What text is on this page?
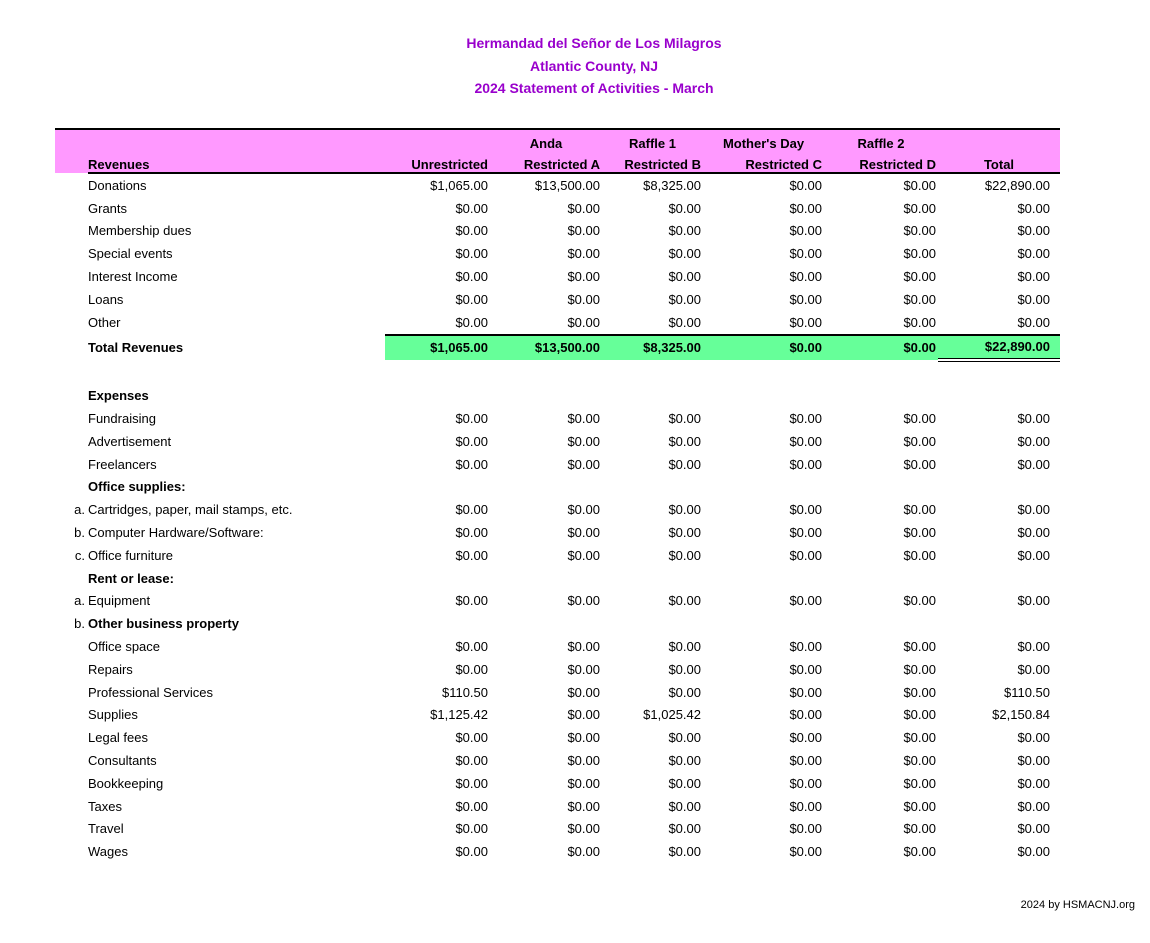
Hermandad del Señor de Los Milagros
Atlantic County, NJ
2024 Statement of Activities - March
			Anda	Raffle 1	Mother's Day	Raffle 2	
	Revenues	Unrestricted	Restricted A	Restricted B	Restricted C	Restricted D	Total
	Donations	$1,065.00	$13,500.00	$8,325.00	$0.00	$0.00	$22,890.00
	Grants	$0.00	$0.00	$0.00	$0.00	$0.00	$0.00
	Membership dues	$0.00	$0.00	$0.00	$0.00	$0.00	$0.00
	Special events	$0.00	$0.00	$0.00	$0.00	$0.00	$0.00
	Interest Income	$0.00	$0.00	$0.00	$0.00	$0.00	$0.00
	Loans	$0.00	$0.00	$0.00	$0.00	$0.00	$0.00
	Other	$0.00	$0.00	$0.00	$0.00	$0.00	$0.00
	Total Revenues	$1,065.00	$13,500.00	$8,325.00	$0.00	$0.00	$22,890.00

	Expenses						
	Fundraising	$0.00	$0.00	$0.00	$0.00	$0.00	$0.00
	Advertisement	$0.00	$0.00	$0.00	$0.00	$0.00	$0.00
	Freelancers	$0.00	$0.00	$0.00	$0.00	$0.00	$0.00
	Office supplies:						
a.	Cartridges, paper, mail stamps, etc.	$0.00	$0.00	$0.00	$0.00	$0.00	$0.00
b.	Computer Hardware/Software:	$0.00	$0.00	$0.00	$0.00	$0.00	$0.00
c.	Office furniture	$0.00	$0.00	$0.00	$0.00	$0.00	$0.00
	Rent or lease:						
a.	Equipment	$0.00	$0.00	$0.00	$0.00	$0.00	$0.00
b.	Other business property						
	Office space	$0.00	$0.00	$0.00	$0.00	$0.00	$0.00
	Repairs	$0.00	$0.00	$0.00	$0.00	$0.00	$0.00
	Professional Services	$110.50	$0.00	$0.00	$0.00	$0.00	$110.50
	Supplies	$1,125.42	$0.00	$1,025.42	$0.00	$0.00	$2,150.84
	Legal fees	$0.00	$0.00	$0.00	$0.00	$0.00	$0.00
	Consultants	$0.00	$0.00	$0.00	$0.00	$0.00	$0.00
	Bookkeeping	$0.00	$0.00	$0.00	$0.00	$0.00	$0.00
	Taxes	$0.00	$0.00	$0.00	$0.00	$0.00	$0.00
	Travel	$0.00	$0.00	$0.00	$0.00	$0.00	$0.00
	Wages	$0.00	$0.00	$0.00	$0.00	$0.00	$0.00
2024 by HSMACNJ.org
